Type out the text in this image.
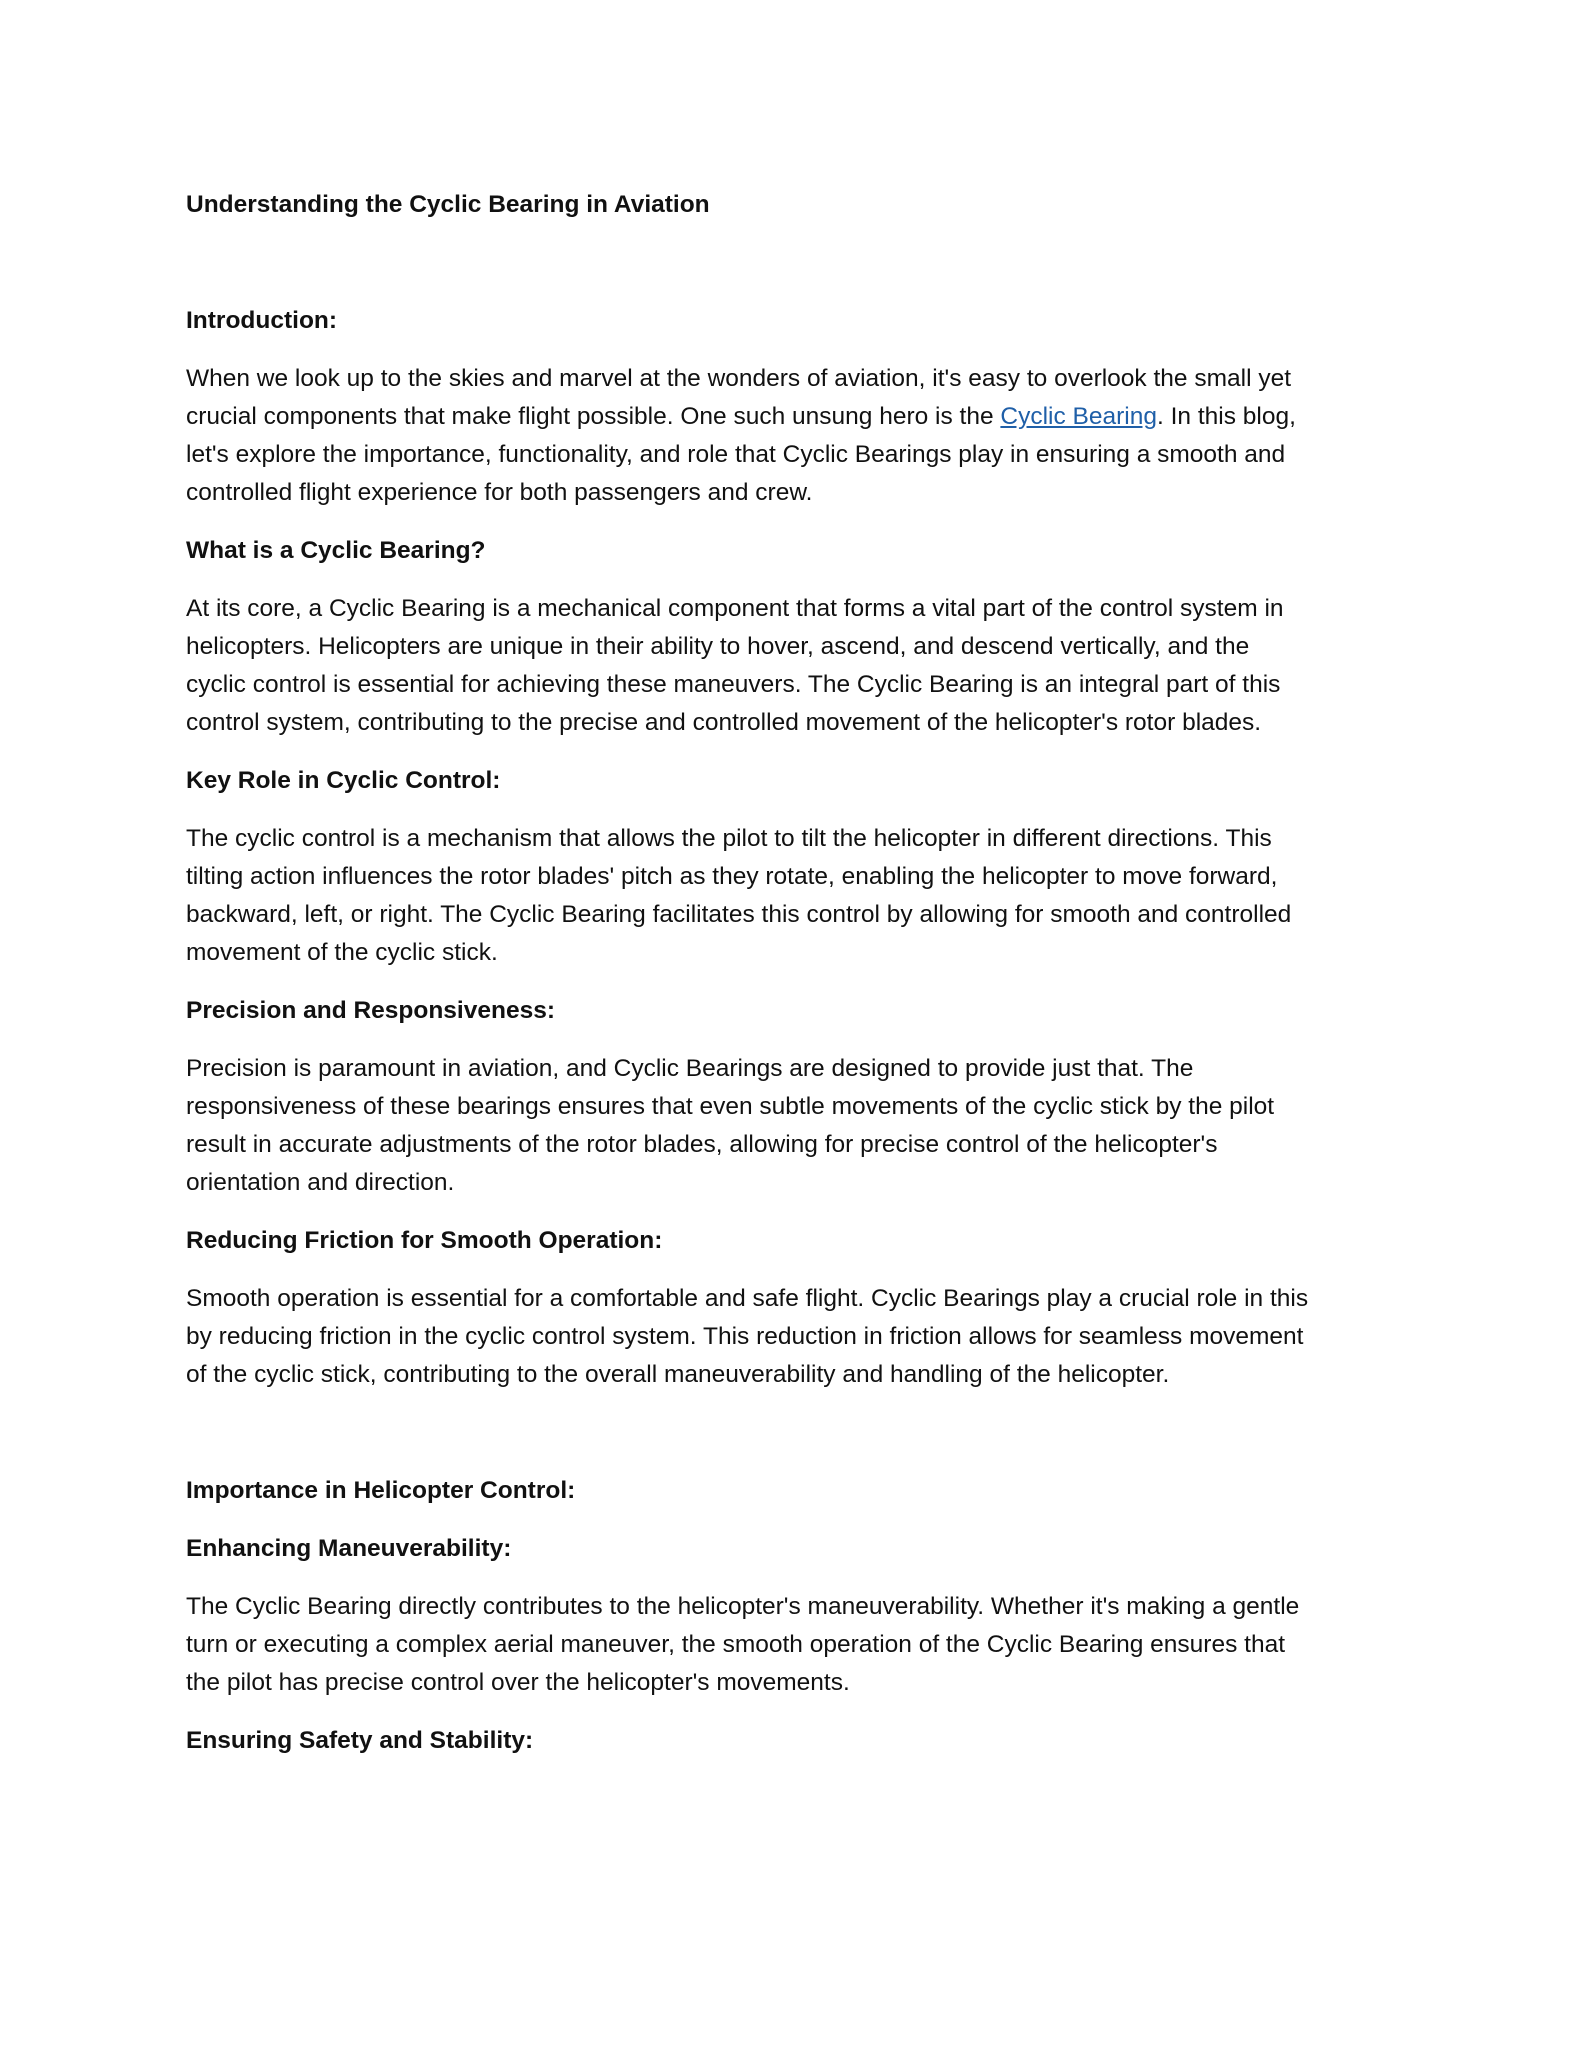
Understanding the Cyclic Bearing in Aviation
Introduction:

When we look up to the skies and marvel at the wonders of aviation, it's easy to overlook the small yet
crucial components that make flight possible. One such unsung hero is the Cyclic Bearing. In this blog,
let's explore the importance, functionality, and role that Cyclic Bearings play in ensuring a smooth and
controlled flight experience for both passengers and crew.

What is a Cyclic Bearing?

At its core, a Cyclic Bearing is a mechanical component that forms a vital part of the control system in
helicopters. Helicopters are unique in their ability to hover, ascend, and descend vertically, and the
cyclic control is essential for achieving these maneuvers. The Cyclic Bearing is an integral part of this
control system, contributing to the precise and controlled movement of the helicopter's rotor blades.

Key Role in Cyclic Control:

The cyclic control is a mechanism that allows the pilot to tilt the helicopter in different directions. This
tilting action influences the rotor blades' pitch as they rotate, enabling the helicopter to move forward,
backward, left, or right. The Cyclic Bearing facilitates this control by allowing for smooth and controlled
movement of the cyclic stick.

Precision and Responsiveness:

Precision is paramount in aviation, and Cyclic Bearings are designed to provide just that. The
responsiveness of these bearings ensures that even subtle movements of the cyclic stick by the pilot
result in accurate adjustments of the rotor blades, allowing for precise control of the helicopter's
orientation and direction.

Reducing Friction for Smooth Operation:

Smooth operation is essential for a comfortable and safe flight. Cyclic Bearings play a crucial role in this
by reducing friction in the cyclic control system. This reduction in friction allows for seamless movement
of the cyclic stick, contributing to the overall maneuverability and handling of the helicopter.

Importance in Helicopter Control:
Enhancing Maneuverability:

The Cyclic Bearing directly contributes to the helicopter's maneuverability. Whether it's making a gentle
turn or executing a complex aerial maneuver, the smooth operation of the Cyclic Bearing ensures that
the pilot has precise control over the helicopter's movements.

Ensuring Safety and Stability:
